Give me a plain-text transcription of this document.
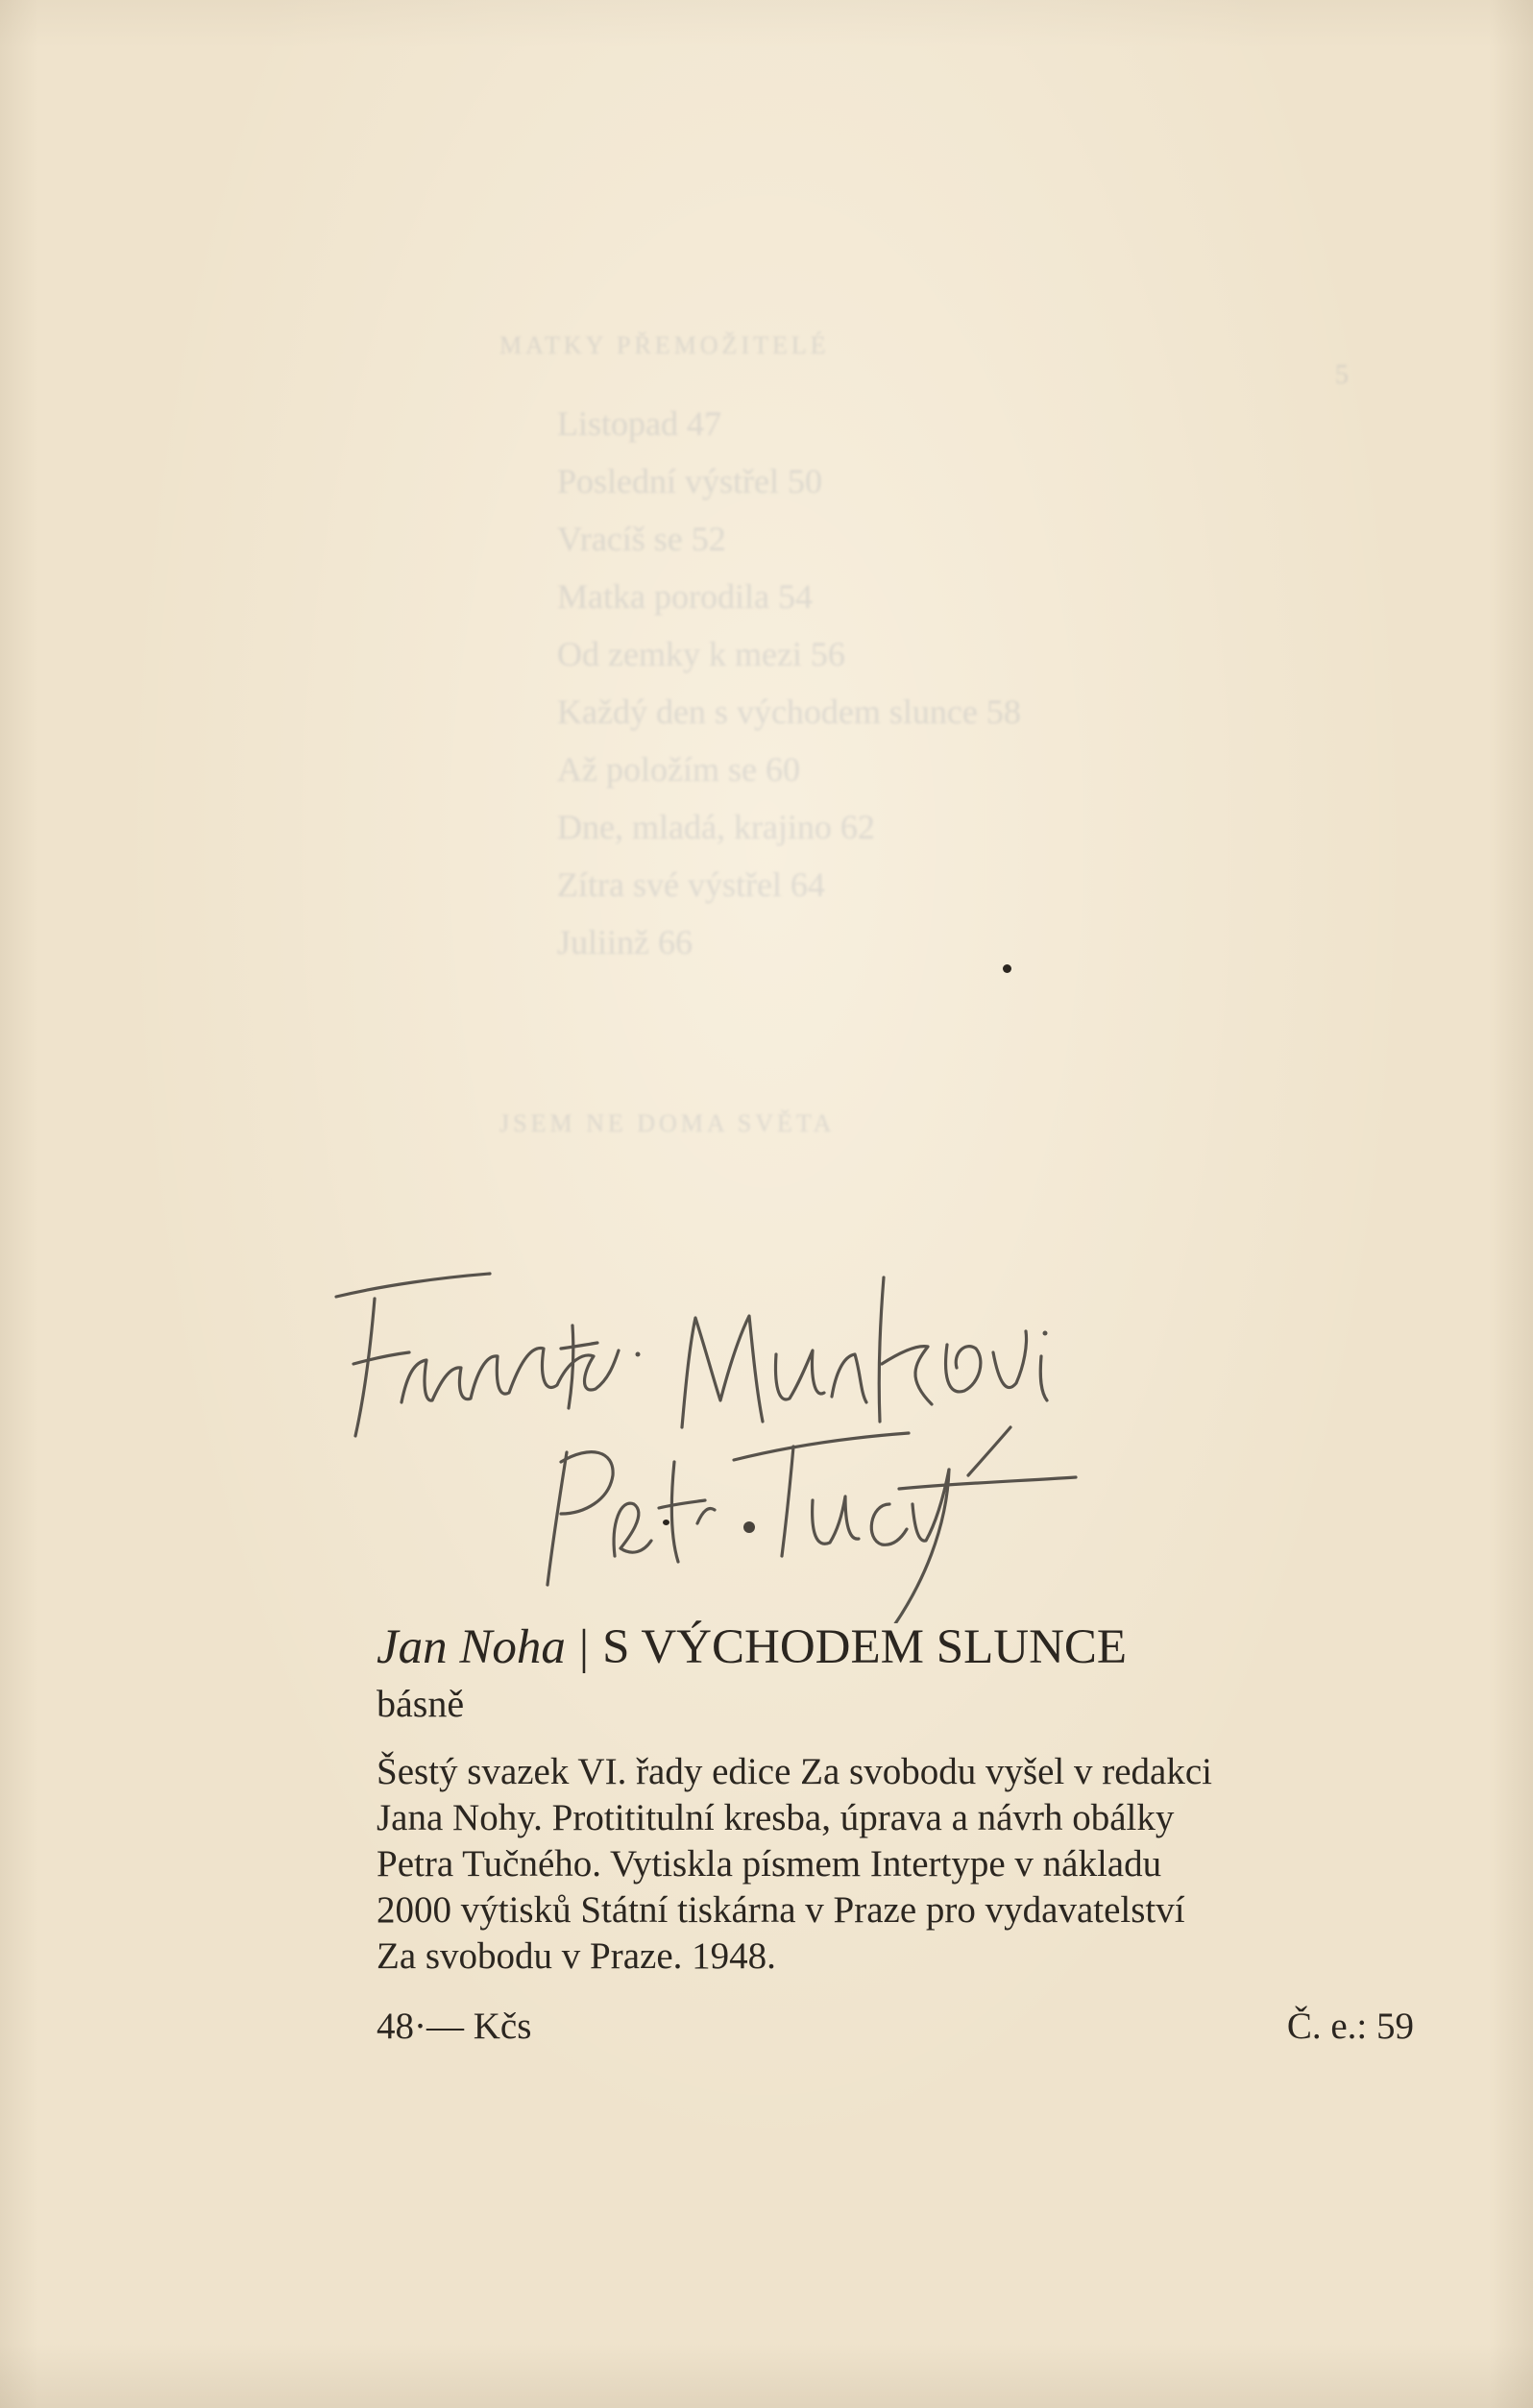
MATKY PŘEMOŽITELÉ
5
Listopad 47
Poslední výstřel 50
Vracíš se 52
Matka porodila 54
Od zemky k mezi 56
Každý den s východem slunce 58
Až položím se 60
Dne, mladá, krajino 62
Zítra své výstřel 64
Juliinž 66
JSEM NE DOMA SVĚTA
Jan Noha | S VÝCHODEM SLUNCE
básně
Šestý svazek VI. řady edice Za svobodu vyšel v redakci
Jana Nohy. Protititulní kresba, úprava a návrh obálky
Petra Tučného. Vytiskla písmem Intertype v nákladu
2000 výtisků Státní tiskárna v Praze pro vydavatelství
Za svobodu v Praze. 1948.
48·— Kčs	Č. e.: 59
